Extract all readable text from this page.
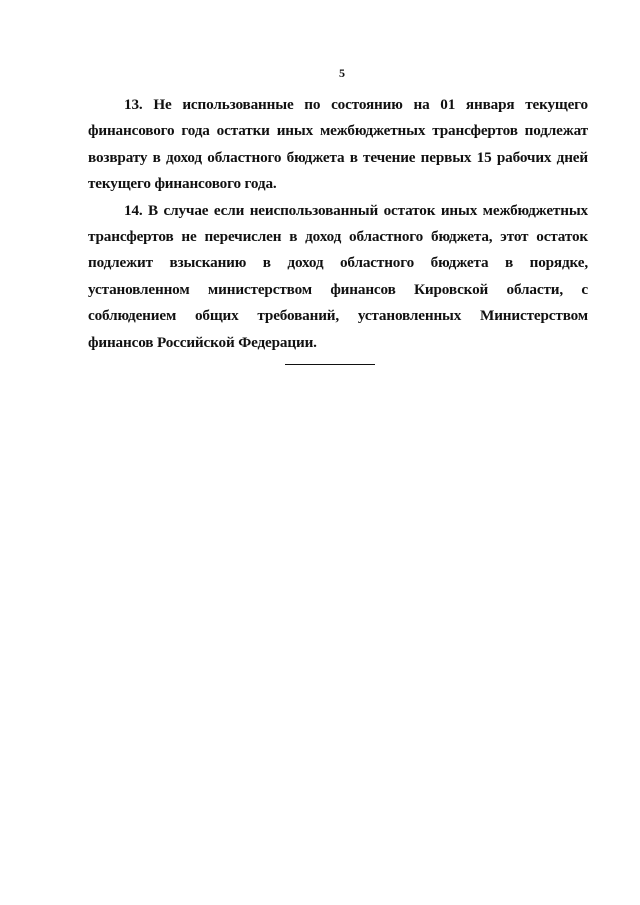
5

13. Не использованные по состоянию на 01 января текущего финансового года остатки иных межбюджетных трансфертов подлежат возврату в доход областного бюджета в течение первых 15 рабочих дней текущего финансового года.

14. В случае если неиспользованный остаток иных межбюджетных трансфертов не перечислен в доход областного бюджета, этот остаток подлежит взысканию в доход областного бюджета в порядке, установленном министерством финансов Кировской области, с соблюдением общих требований, установленных Министерством финансов Российской Федерации.
